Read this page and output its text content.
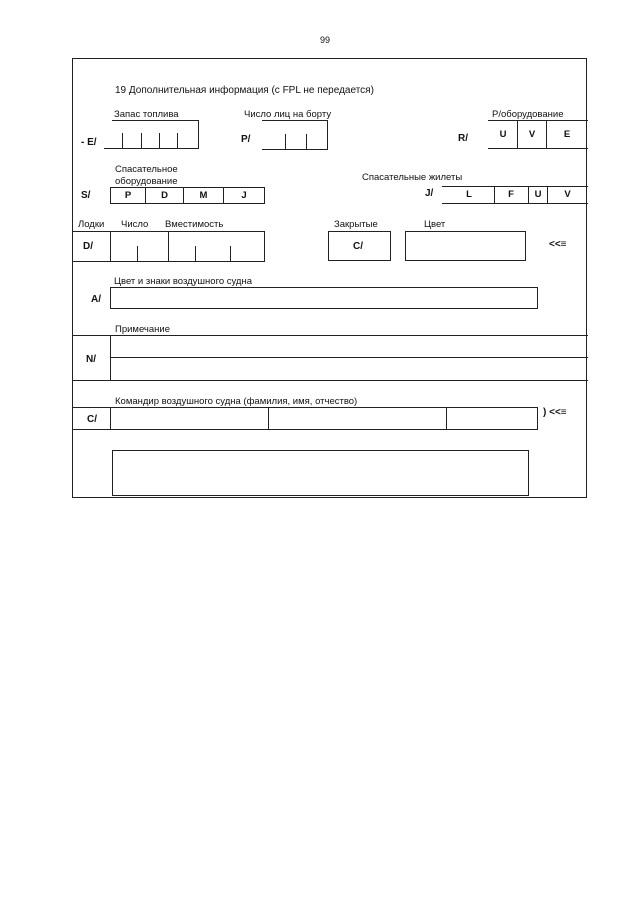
99
19 Дополнительная информация (с FPL не передается)
Запас топлива
- E/
Число лиц на борту
P/
Р/оборудование
R/	U	V	E
Спасательное
оборудование
S/	P	D	M	J
Спасательные жилеты
J/	L	F	U	V
Лодки Число Вместимость
D/
Закрытые
C/
Цвет
<<≡
Цвет и знаки воздушного судна
A/
Примечание
N/
Командир воздушного судна (фамилия, имя, отчество)
C/
) <<≡
